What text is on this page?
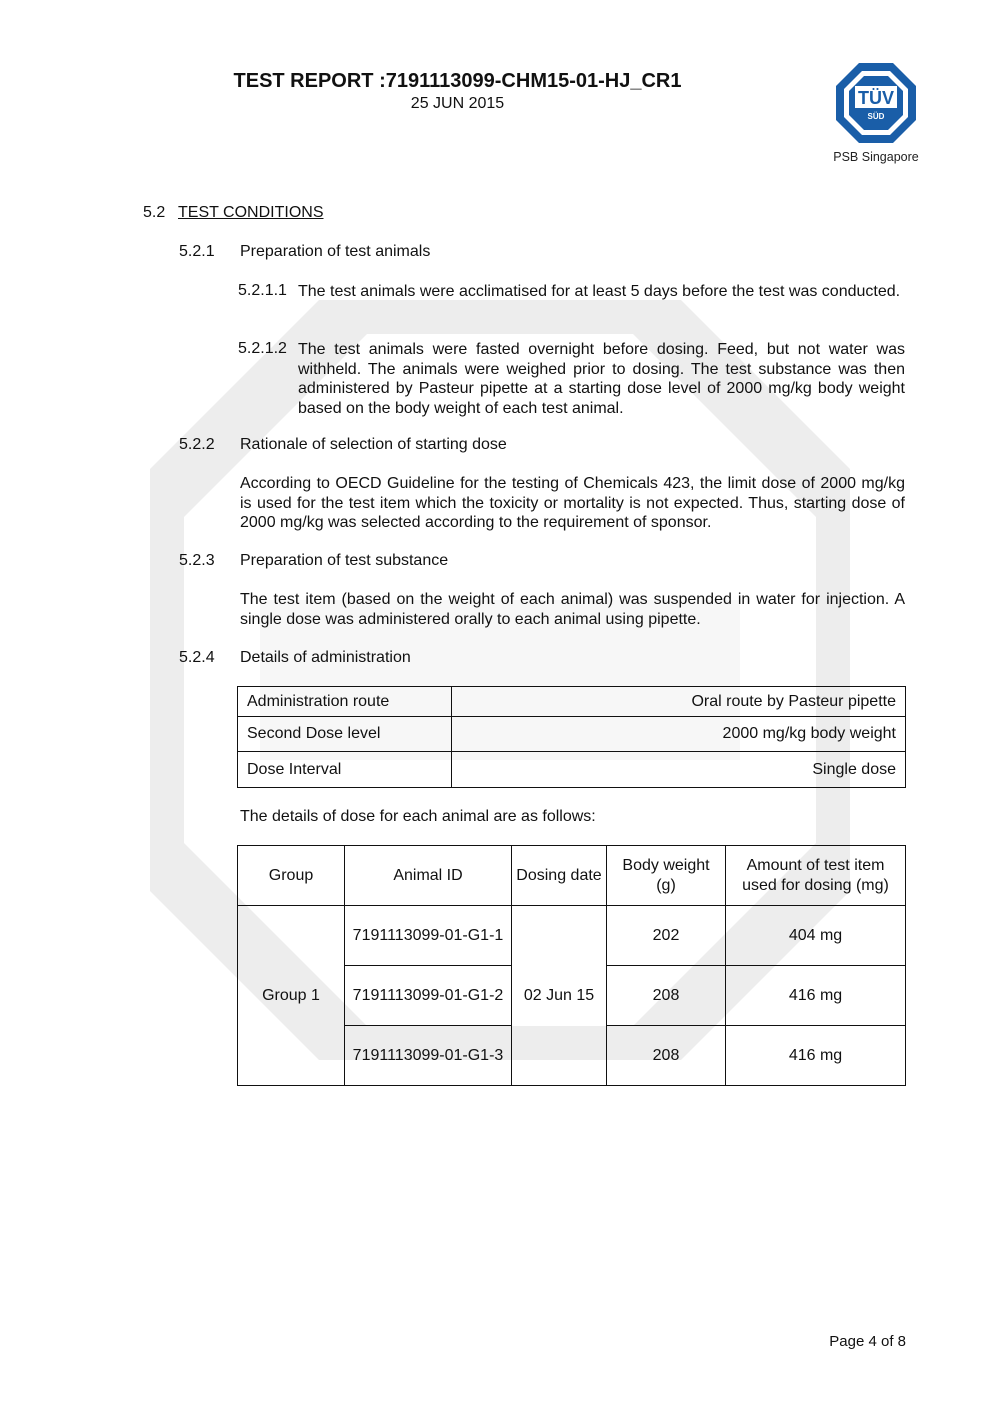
TEST REPORT :7191113099-CHM15-01-HJ_CR1
25 JUN 2015	TÜV
SÜD
PSB Singapore
5.2 TEST CONDITIONS
5.2.1 Preparation of test animals
5.2.1.1 The test animals were acclimatised for at least 5 days before the test was conducted.
5.2.1.2 The test animals were fasted overnight before dosing. Feed, but not water was withheld. The animals were weighed prior to dosing. The test substance was then administered by Pasteur pipette at a starting dose level of 2000 mg/kg body weight based on the body weight of each test animal.
5.2.2 Rationale of selection of starting dose
According to OECD Guideline for the testing of Chemicals 423, the limit dose of 2000 mg/kg is used for the test item which the toxicity or mortality is not expected. Thus, starting dose of 2000 mg/kg was selected according to the requirement of sponsor.
5.2.3 Preparation of test substance
The test item (based on the weight of each animal) was suspended in water for injection. A single dose was administered orally to each animal using pipette.
5.2.4 Details of administration
Administration route	Oral route by Pasteur pipette
Second Dose level	2000 mg/kg body weight
Dose Interval	Single dose
The details of dose for each animal are as follows:
Group	Animal ID	Dosing date	Body weight (g)	Amount of test item used for dosing (mg)
Group 1	7191113099-01-G1-1	02 Jun 15	202	404 mg
	7191113099-01-G1-2		208	416 mg
	7191113099-01-G1-3		208	416 mg
Page 4 of 8
